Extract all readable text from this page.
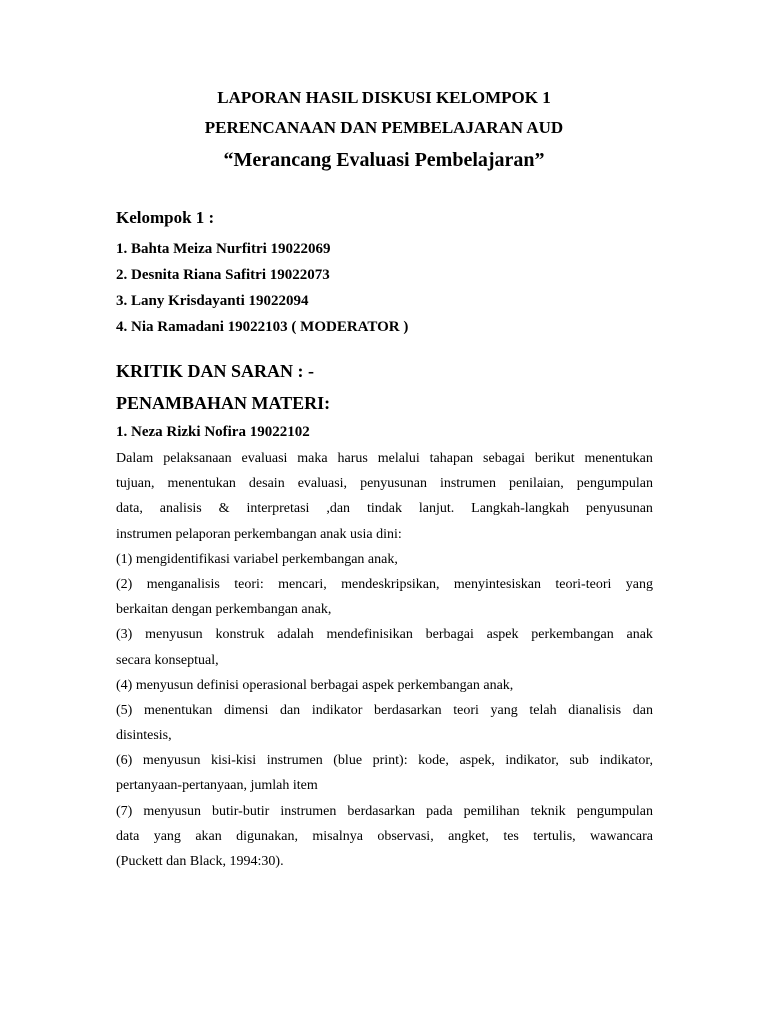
LAPORAN HASIL DISKUSI KELOMPOK 1
PERENCANAAN DAN PEMBELAJARAN AUD
“Merancang Evaluasi Pembelajaran”
Kelompok 1 :
1. Bahta Meiza Nurfitri 19022069
2. Desnita Riana Safitri 19022073
3. Lany Krisdayanti 19022094
4. Nia Ramadani 19022103 ( MODERATOR )
KRITIK DAN SARAN : -
PENAMBAHAN MATERI:
1. Neza Rizki Nofira 19022102
Dalam pelaksanaan evaluasi maka harus melalui tahapan sebagai berikut menentukan
tujuan, menentukan desain evaluasi, penyusunan instrumen penilaian, pengumpulan
data, analisis & interpretasi ,dan tindak lanjut. Langkah-langkah penyusunan
instrumen pelaporan perkembangan anak usia dini:
(1) mengidentifikasi variabel perkembangan anak,
(2) menganalisis teori: mencari, mendeskripsikan, menyintesiskan teori-teori yang
berkaitan dengan perkembangan anak,
(3) menyusun konstruk adalah mendefinisikan berbagai aspek perkembangan anak
secara konseptual,
(4) menyusun definisi operasional berbagai aspek perkembangan anak,
(5) menentukan dimensi dan indikator berdasarkan teori yang telah dianalisis dan
disintesis,
(6) menyusun kisi-kisi instrumen (blue print): kode, aspek, indikator, sub indikator,
pertanyaan-pertanyaan, jumlah item
(7) menyusun butir-butir instrumen berdasarkan pada pemilihan teknik pengumpulan
data yang akan digunakan, misalnya observasi, angket, tes tertulis, wawancara
(Puckett dan Black, 1994:30).
